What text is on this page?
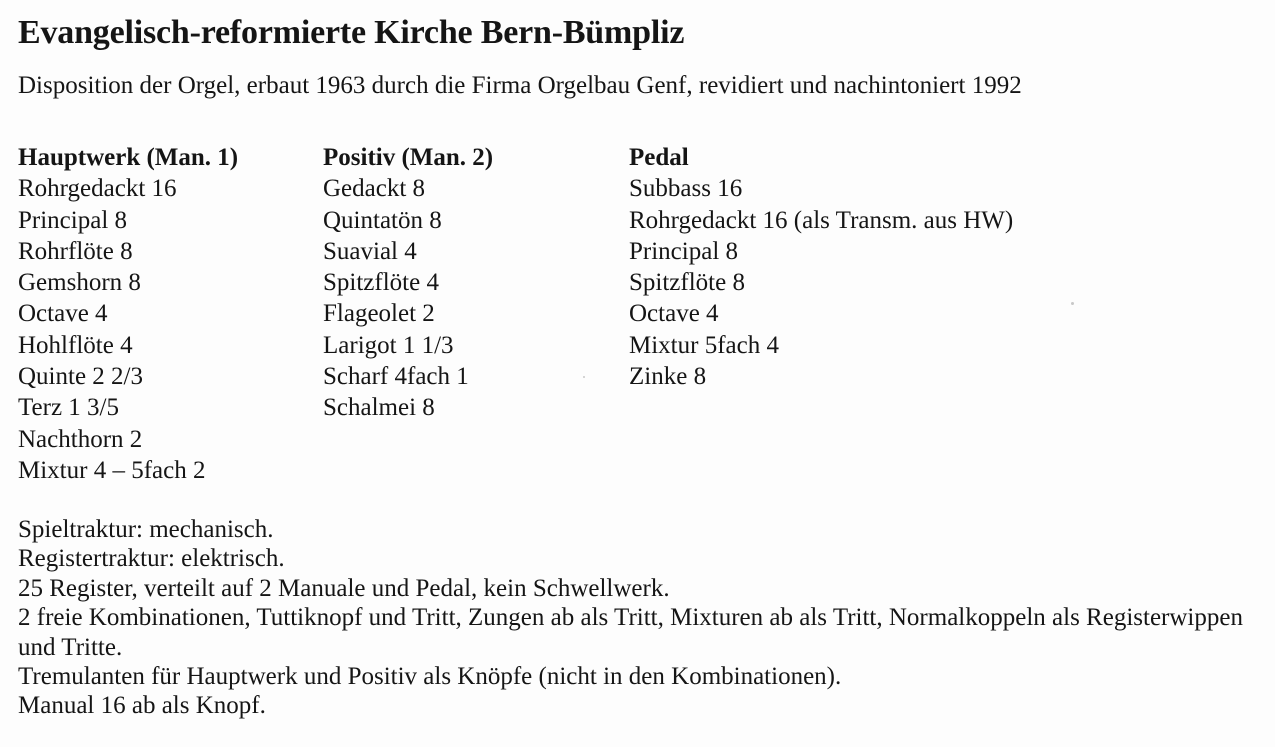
Evangelisch-reformierte Kirche Bern-Bümpliz
Disposition der Orgel, erbaut 1963 durch die Firma Orgelbau Genf, revidiert und nachintoniert 1992
Hauptwerk (Man. 1)
Rohrgedackt 16
Principal 8
Rohrflöte 8
Gemshorn 8
Octave 4
Hohlflöte 4
Quinte 2 2/3
Terz 1 3/5
Nachthorn 2
Mixtur 4 – 5fach 2
Positiv (Man. 2)
Gedackt 8
Quintatön 8
Suavial 4
Spitzflöte 4
Flageolet 2
Larigot 1 1/3
Scharf 4fach 1
Schalmei 8
Pedal
Subbass 16
Rohrgedackt 16 (als Transm. aus HW)
Principal 8
Spitzflöte 8
Octave 4
Mixtur 5fach 4
Zinke 8
Spieltraktur: mechanisch.
Registertraktur: elektrisch.
25 Register, verteilt auf 2 Manuale und Pedal, kein Schwellwerk.
2 freie Kombinationen, Tuttiknopf und Tritt, Zungen ab als Tritt, Mixturen ab als Tritt, Normalkoppeln als Registerwippen und Tritte.
Tremulanten für Hauptwerk und Positiv als Knöpfe (nicht in den Kombinationen).
Manual 16 ab als Knopf.
